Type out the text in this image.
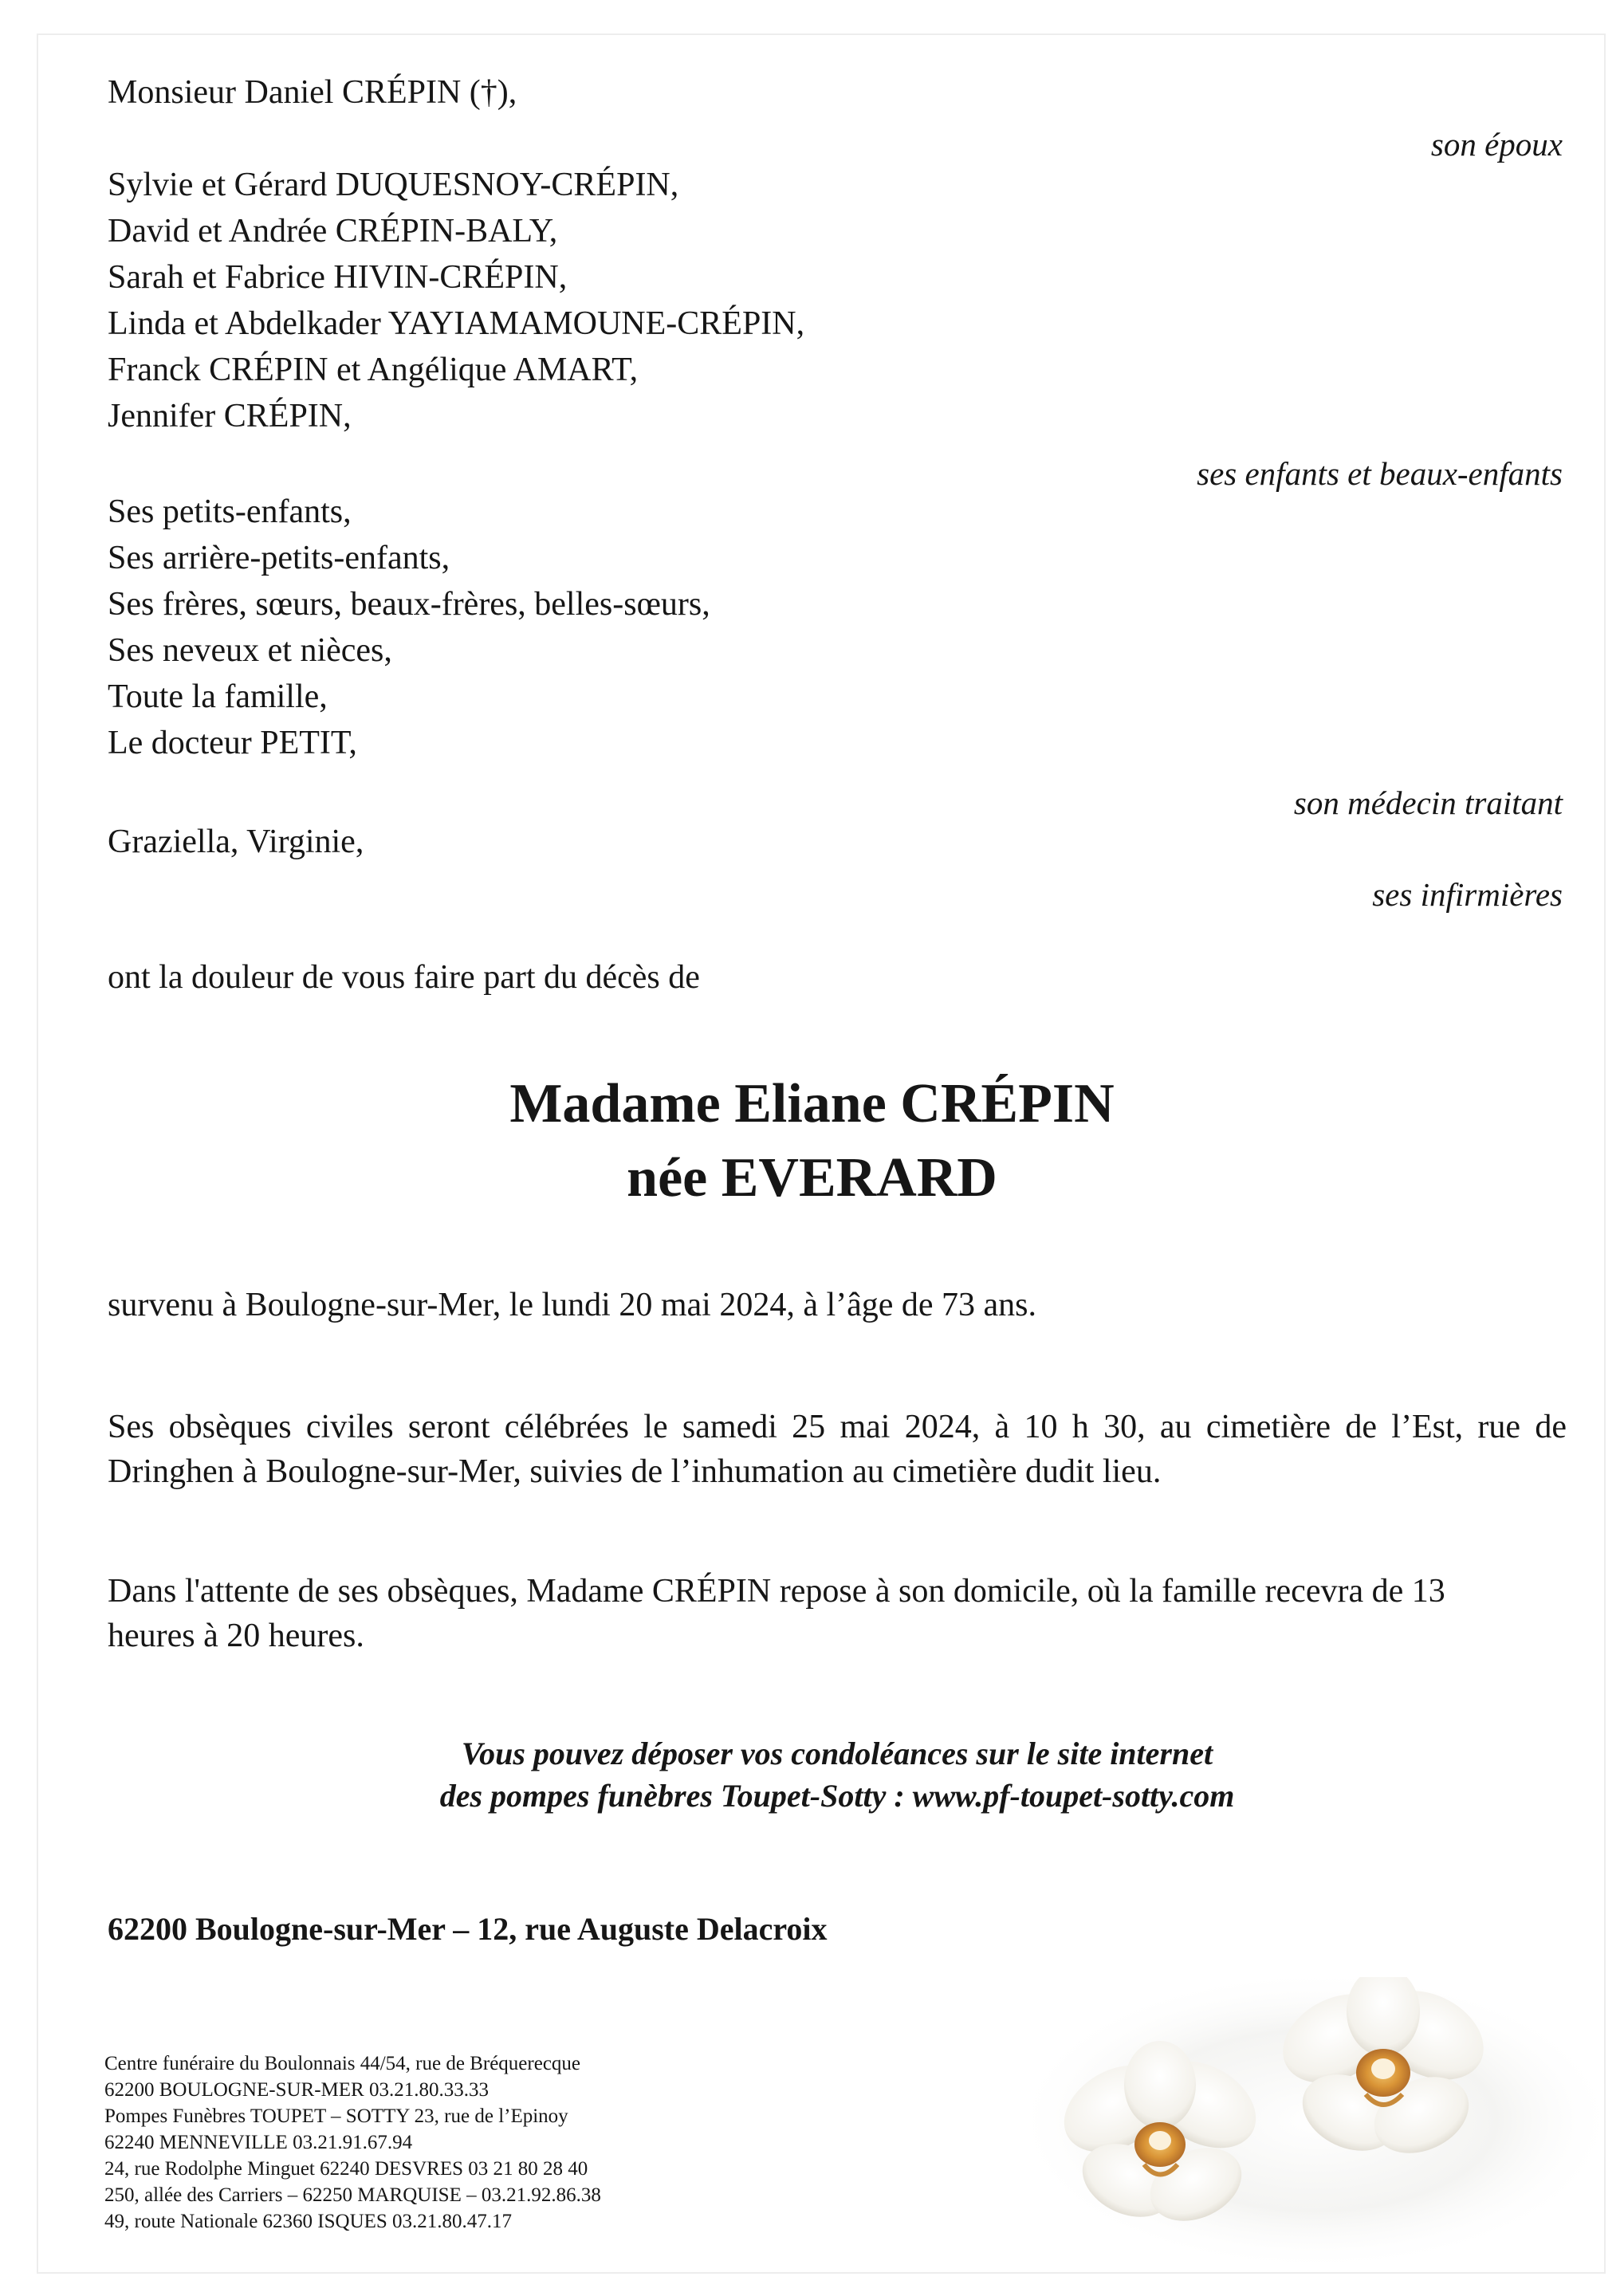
Monsieur Daniel CRÉPIN (†),
son époux
Sylvie et Gérard DUQUESNOY-CRÉPIN,
David et Andrée CRÉPIN-BALY,
Sarah et Fabrice HIVIN-CRÉPIN,
Linda et Abdelkader YAYIAMAMOUNE-CRÉPIN,
Franck CRÉPIN et Angélique AMART,
Jennifer CRÉPIN,
ses enfants et beaux-enfants
Ses petits-enfants,
Ses arrière-petits-enfants,
Ses frères, sœurs, beaux-frères, belles-sœurs,
Ses neveux et nièces,
Toute la famille,
Le docteur PETIT,
son médecin traitant
Graziella, Virginie,
ses infirmières
ont la douleur de vous faire part du décès de
Madame Eliane CRÉPIN
née EVERARD
survenu à Boulogne-sur-Mer, le lundi 20 mai 2024, à l’âge de 73 ans.
Ses obsèques civiles seront célébrées le samedi 25 mai 2024, à 10 h 30, au cimetière de l’Est, rue de Dringhen à Boulogne-sur-Mer, suivies de l’inhumation au cimetière dudit lieu.
Dans l'attente de ses obsèques, Madame CRÉPIN repose à son domicile, où la famille recevra de 13 heures à 20 heures.
Vous pouvez déposer vos condoléances sur le site internet
des pompes funèbres Toupet-Sotty : www.pf-toupet-sotty.com
62200 Boulogne-sur-Mer – 12, rue Auguste Delacroix
Centre funéraire du Boulonnais 44/54, rue de Bréquerecque
62200 BOULOGNE-SUR-MER 03.21.80.33.33
Pompes Funèbres TOUPET – SOTTY 23, rue de l’Epinoy
62240 MENNEVILLE 03.21.91.67.94
24, rue Rodolphe Minguet 62240 DESVRES 03 21 80 28 40
250, allée des Carriers – 62250 MARQUISE – 03.21.92.86.38
49, route Nationale 62360 ISQUES 03.21.80.47.17
